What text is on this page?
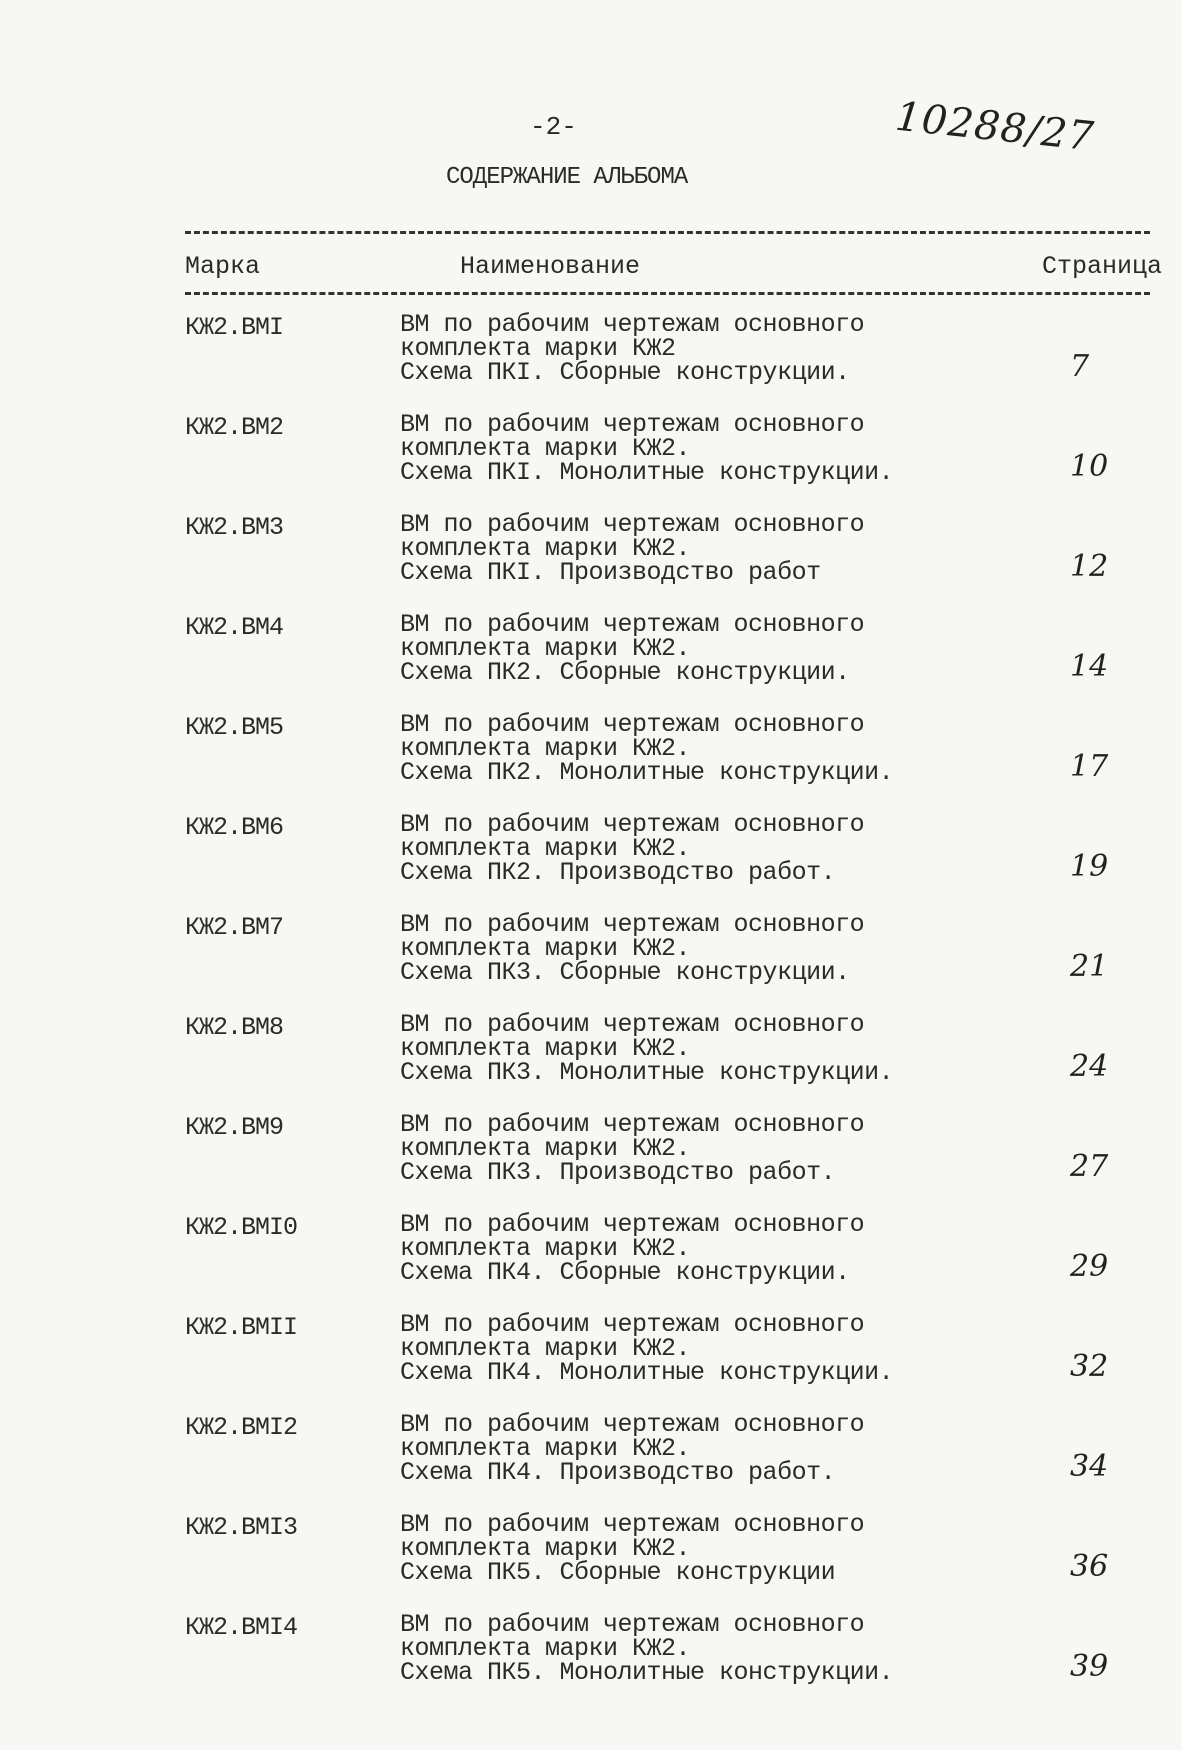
-2-	10288/27
СОДЕРЖАНИЕ АЛЬБОМА
Марка	Наименование	Страница
КЖ2.ВМI	ВМ по рабочим чертежам основного
комплекта марки КЖ2
Схема ПКI. Сборные конструкции.	7
КЖ2.ВМ2	ВМ по рабочим чертежам основного
комплекта марки КЖ2.
Схема ПКI. Монолитные конструкции.	10
КЖ2.ВМ3	ВМ по рабочим чертежам основного
комплекта марки КЖ2.
Схема ПКI. Производство работ	12
КЖ2.ВМ4	ВМ по рабочим чертежам основного
комплекта марки КЖ2.
Схема ПК2. Сборные конструкции.	14
КЖ2.ВМ5	ВМ по рабочим чертежам основного
комплекта марки КЖ2.
Схема ПК2. Монолитные конструкции.	17
КЖ2.ВМ6	ВМ по рабочим чертежам основного
комплекта марки КЖ2.
Схема ПК2. Производство работ.	19
КЖ2.ВМ7	ВМ по рабочим чертежам основного
комплекта марки КЖ2.
Схема ПК3. Сборные конструкции.	21
КЖ2.ВМ8	ВМ по рабочим чертежам основного
комплекта марки КЖ2.
Схема ПК3. Монолитные конструкции.	24
КЖ2.ВМ9	ВМ по рабочим чертежам основного
комплекта марки КЖ2.
Схема ПК3. Производство работ.	27
КЖ2.ВМI0	ВМ по рабочим чертежам основного
комплекта марки КЖ2.
Схема ПК4. Сборные конструкции.	29
КЖ2.ВМII	ВМ по рабочим чертежам основного
комплекта марки КЖ2.
Схема ПК4. Монолитные конструкции.	32
КЖ2.ВМI2	ВМ по рабочим чертежам основного
комплекта марки КЖ2.
Схема ПК4. Производство работ.	34
КЖ2.ВМI3	ВМ по рабочим чертежам основного
комплекта марки КЖ2.
Схема ПК5. Сборные конструкции	36
КЖ2.ВМI4	ВМ по рабочим чертежам основного
комплекта марки КЖ2.
Схема ПК5. Монолитные конструкции.	39
